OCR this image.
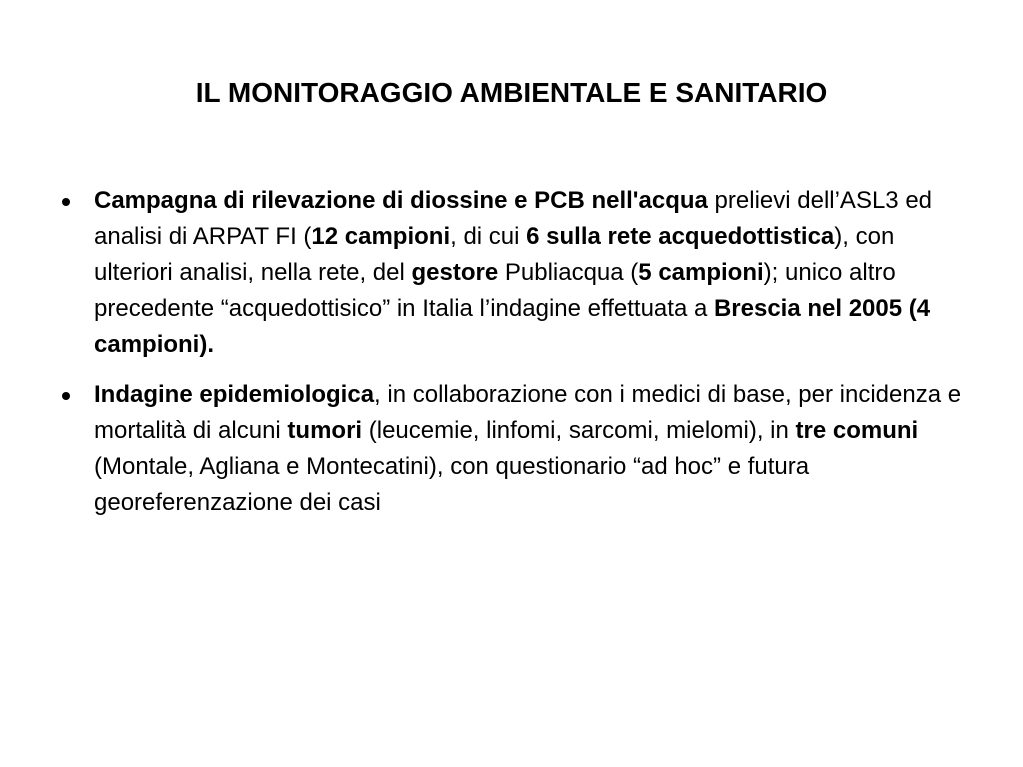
IL MONITORAGGIO AMBIENTALE E SANITARIO
Campagna di rilevazione di diossine e PCB nell'acqua prelievi dell’ASL3 ed analisi di ARPAT FI (12 campioni, di cui 6 sulla rete acquedottistica), con ulteriori analisi, nella rete, del gestore Publiacqua (5 campioni); unico altro precedente “acquedottisico” in Italia l’indagine effettuata a Brescia nel 2005 (4 campioni).
Indagine epidemiologica, in collaborazione con i medici di base, per incidenza e mortalità di alcuni tumori (leucemie, linfomi, sarcomi, mielomi), in tre comuni (Montale, Agliana e Montecatini), con questionario “ad hoc” e futura georeferenzazione dei casi
